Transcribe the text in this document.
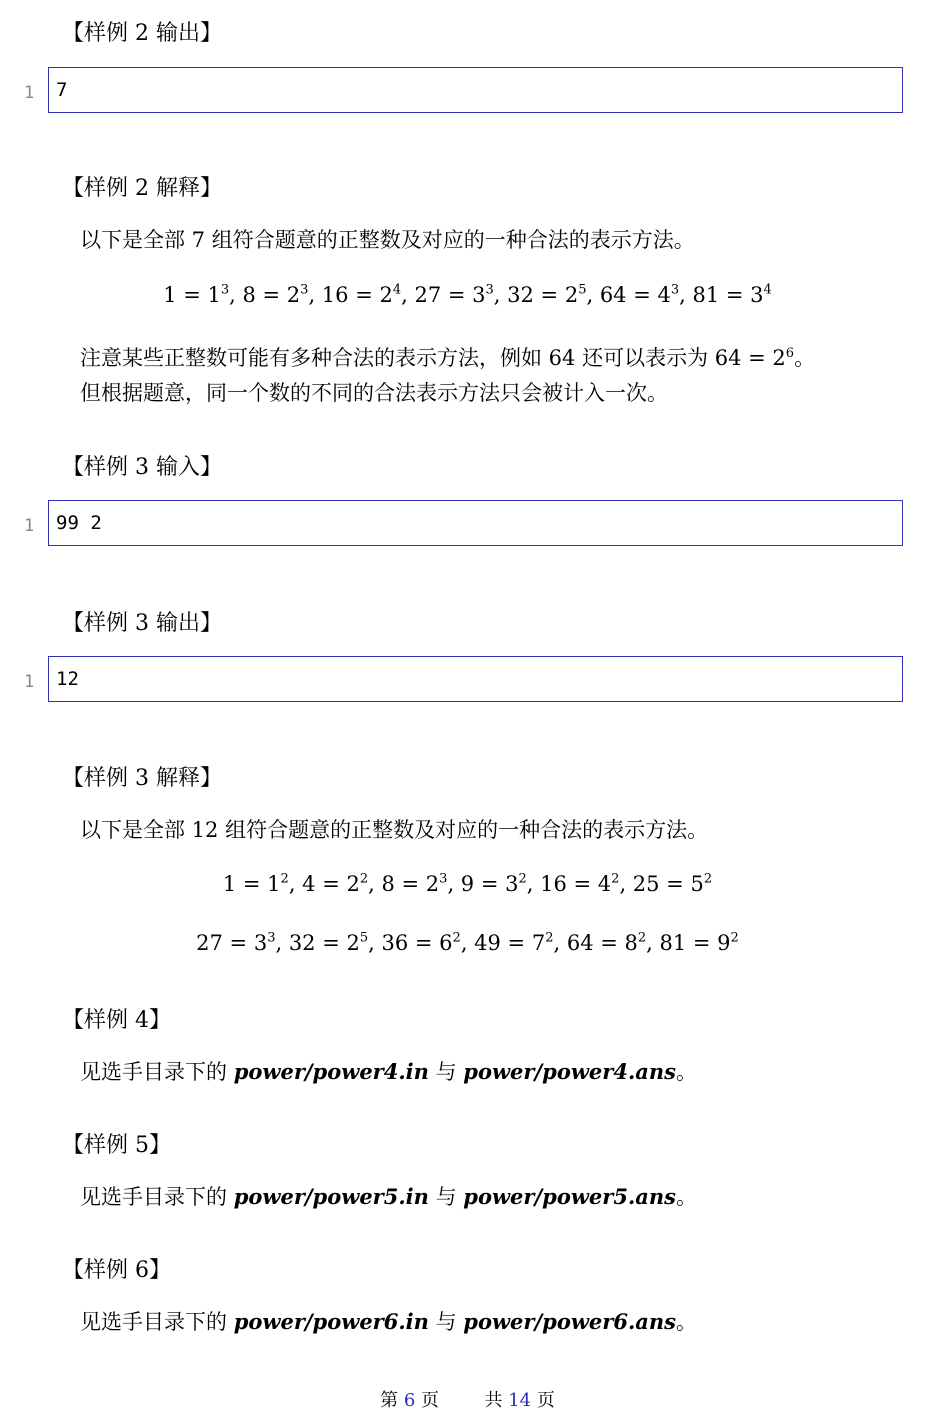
【样例 2 输出】
1 7
【样例 2 解释】
以下是全部 7 组符合题意的正整数及对应的一种合法的表示方法。
$1 = 1^3$, $8 = 2^3$, $16 = 2^4$, $27 = 3^3$, $32 = 2^5$, $64 = 4^3$, $81 = 3^4$
注意某些正整数可能有多种合法的表示方法，例如 64 还可以表示为 $64 = 2^6$。
但根据题意，同一个数的不同的合法表示方法只会被计入一次。
【样例 3 输入】
1 99 2
【样例 3 输出】
1 12
【样例 3 解释】
以下是全部 12 组符合题意的正整数及对应的一种合法的表示方法。
$1 = 1^2$, $4 = 2^2$, $8 = 2^3$, $9 = 3^2$, $16 = 4^2$, $25 = 5^2$
$27 = 3^3$, $32 = 2^5$, $36 = 6^2$, $49 = 7^2$, $64 = 8^2$, $81 = 9^2$
【样例 4】
见选手目录下的 power/power4.in 与 power/power4.ans。
【样例 5】
见选手目录下的 power/power5.in 与 power/power5.ans。
【样例 6】
见选手目录下的 power/power6.in 与 power/power6.ans。
第 6 页	共 14 页
